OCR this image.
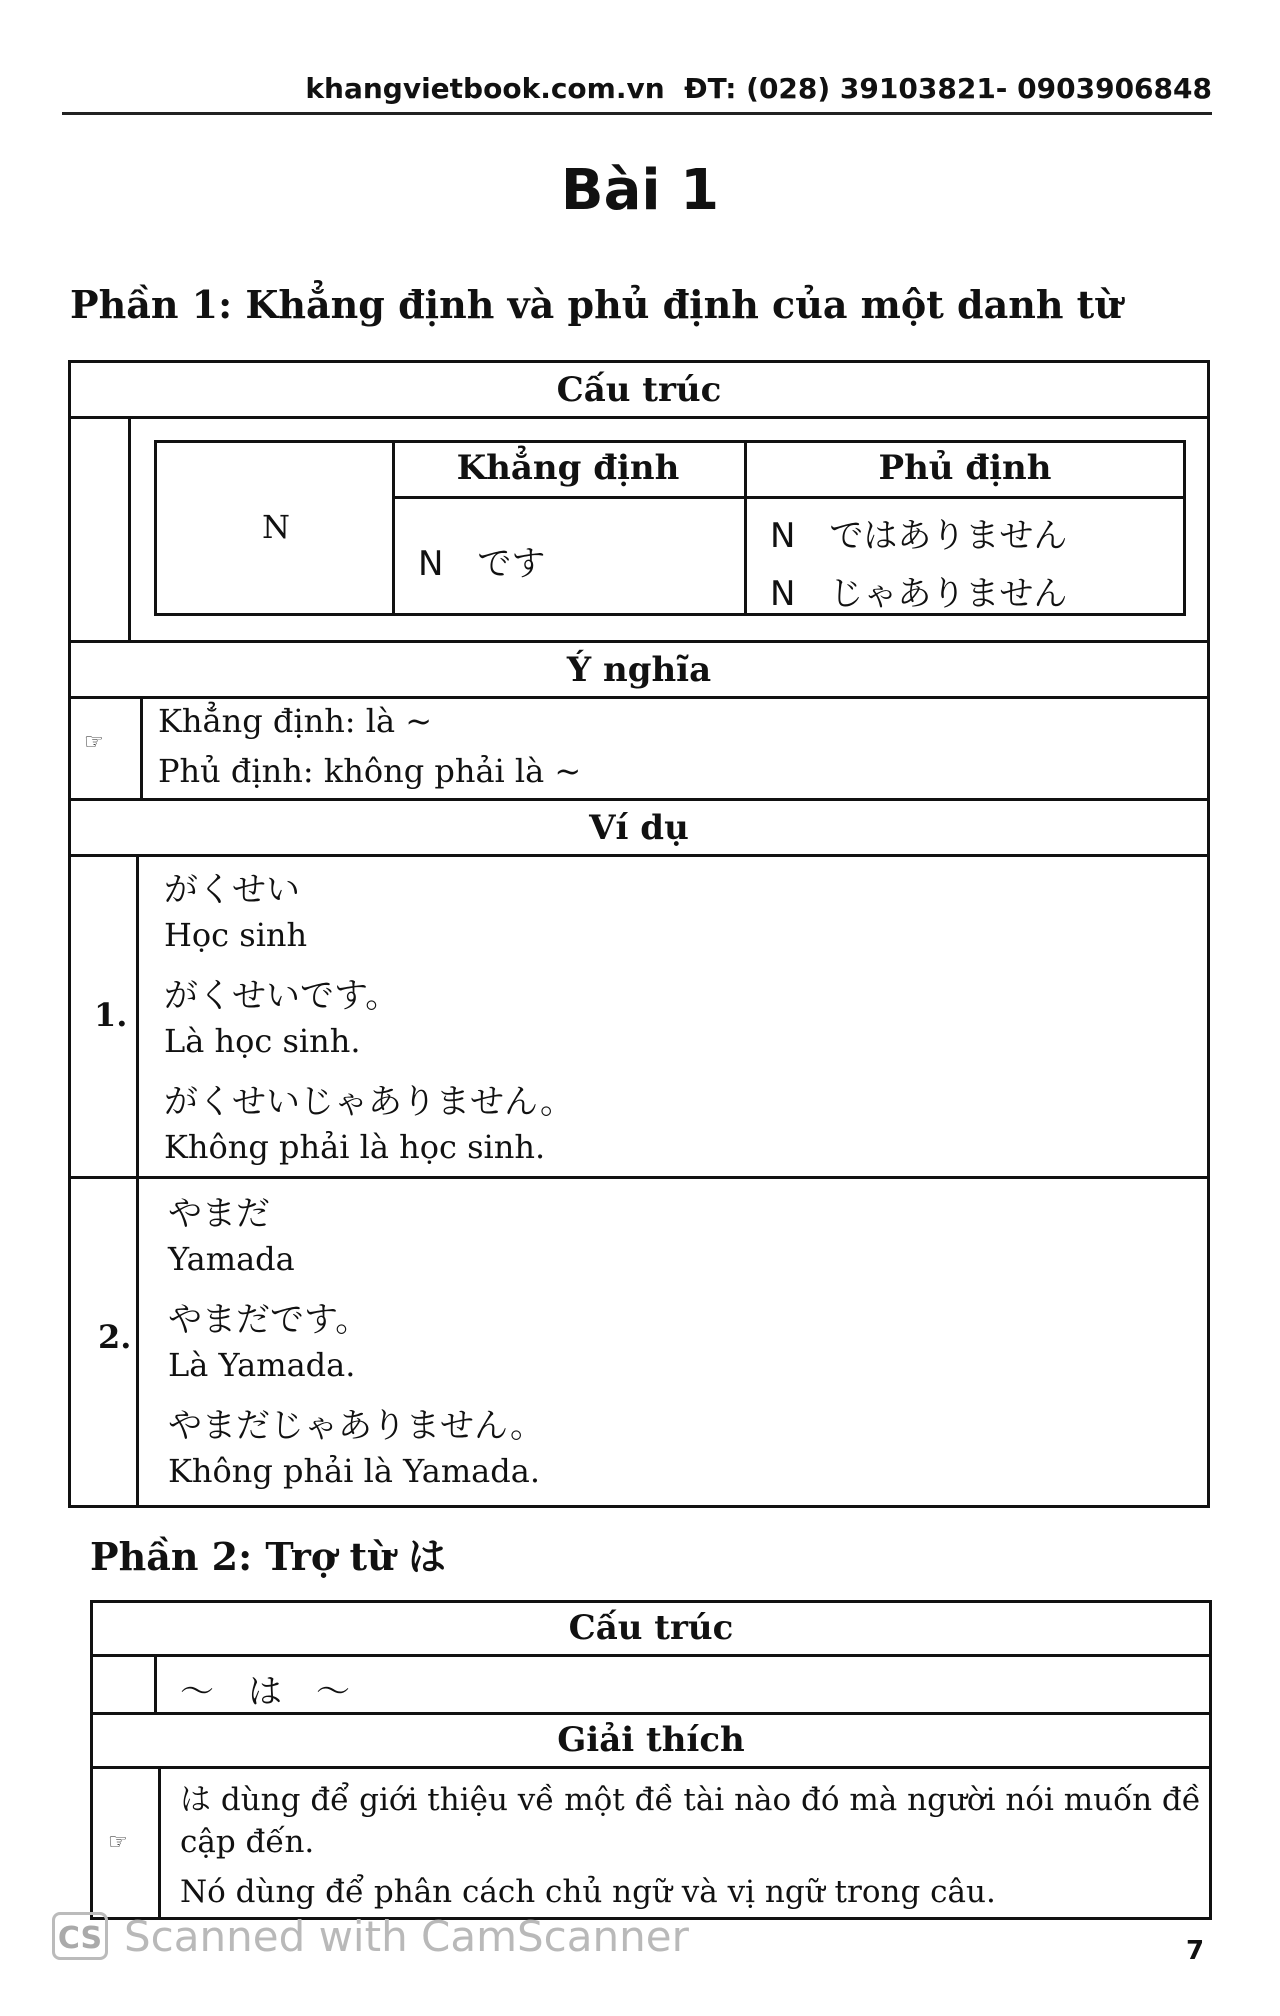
khangvietbook.com.vn ĐT: (028) 39103821- 0903906848
Bài 1
Phần 1: Khẳng định và phủ định của một danh từ
Cấu trúc
N
Khẳng định	Phủ định
N　です
N　ではありません
N　じゃありません
Ý nghĩa
☞
Khẳng định: là ~
Phủ định: không phải là ~
Ví dụ
1.
がくせい
Học sinh
がくせいです。
Là học sinh.
がくせいじゃありません。
Không phải là học sinh.
2.
やまだ
Yamada
やまだです。
Là Yamada.
やまだじゃありません。
Không phải là Yamada.
Phần 2: Trợ từ は
Cấu trúc
～　は　～
Giải thích
☞
は dùng để giới thiệu về một đề tài nào đó mà người nói muốn đề
cập đến.
Nó dùng để phân cách chủ ngữ và vị ngữ trong câu.
CS Scanned with CamScanner	7
